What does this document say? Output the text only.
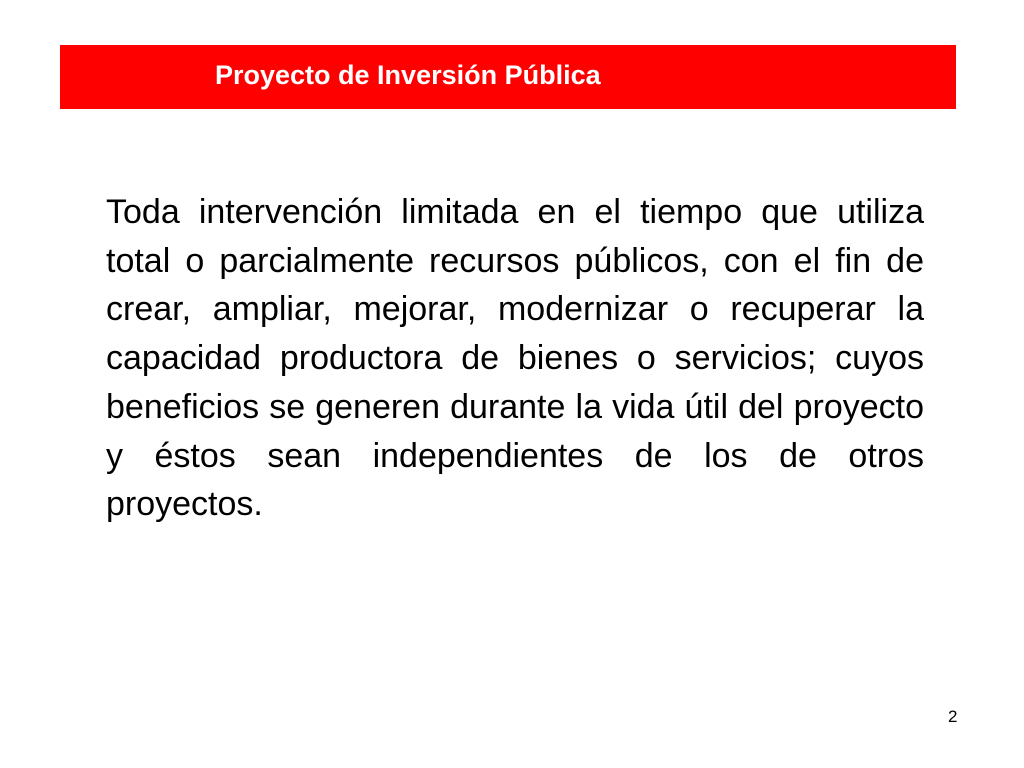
Proyecto de Inversión Pública

Toda intervención limitada en el tiempo que utiliza total o parcialmente recursos públicos, con el fin de crear, ampliar, mejorar, modernizar o recuperar la capacidad productora de bienes o servicios; cuyos beneficios se generen durante la vida útil del proyecto y éstos sean independientes de los de otros proyectos.

2
